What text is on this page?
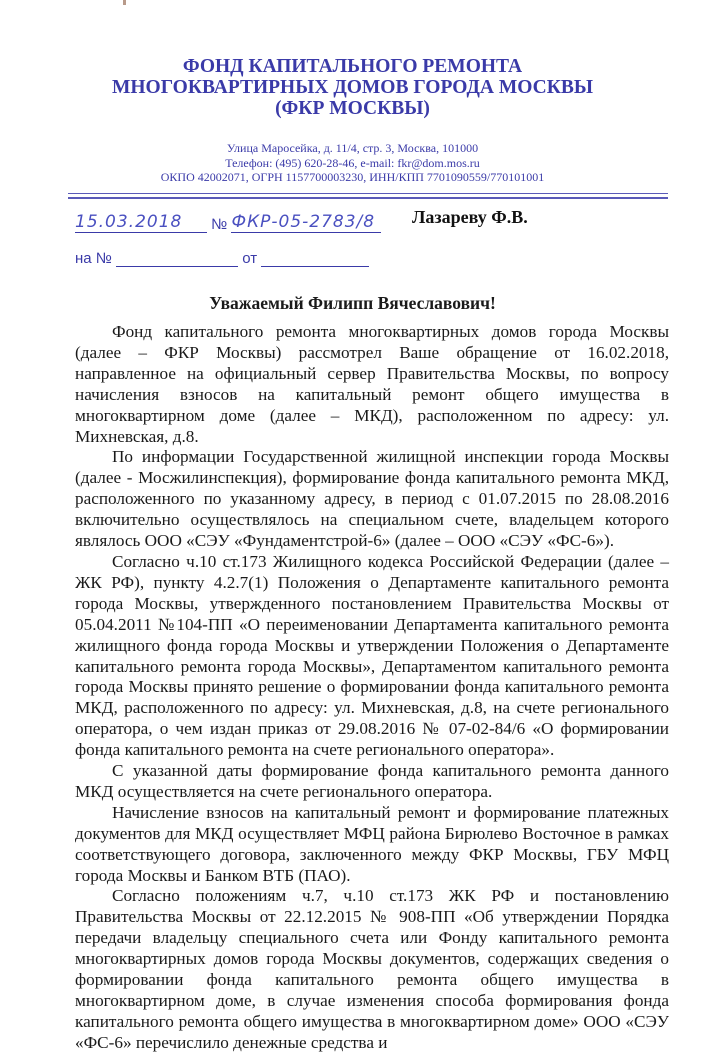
ФОНД КАПИТАЛЬНОГО РЕМОНТА
МНОГОКВАРТИРНЫХ ДОМОВ ГОРОДА МОСКВЫ
(ФКР МОСКВЫ)
Улица Маросейка, д. 11/4, стр. 3, Москва, 101000
Телефон: (495) 620-28-46, e-mail: fkr@dom.mos.ru
ОКПО 42002071, ОГРН 1157700003230, ИНН/КПП 7701090559/770101001
15.03.2018 № ФКР-05-2783/8	Лазареву Ф.В.
на №	от
Уважаемый Филипп Вячеславович!

Фонд капитального ремонта многоквартирных домов города Москвы (далее – ФКР Москвы) рассмотрел Ваше обращение от 16.02.2018, направленное на официальный сервер Правительства Москвы, по вопросу начисления взносов на капитальный ремонт общего имущества в многоквартирном доме (далее – МКД), расположенном по адресу: ул. Михневская, д.8.

По информации Государственной жилищной инспекции города Москвы (далее - Мосжилинспекция), формирование фонда капитального ремонта МКД, расположенного по указанному адресу, в период с 01.07.2015 по 28.08.2016 включительно осуществлялось на специальном счете, владельцем которого являлось ООО «СЭУ «Фундаментстрой-6» (далее – ООО «СЭУ «ФС-6»).

Согласно ч.10 ст.173 Жилищного кодекса Российской Федерации (далее – ЖК РФ), пункту 4.2.7(1) Положения о Департаменте капитального ремонта города Москвы, утвержденного постановлением Правительства Москвы от 05.04.2011 №104-ПП «О переименовании Департамента капитального ремонта жилищного фонда города Москвы и утверждении Положения о Департаменте капитального ремонта города Москвы», Департаментом капитального ремонта города Москвы принято решение о формировании фонда капитального ремонта МКД, расположенного по адресу: ул. Михневская, д.8, на счете регионального оператора, о чем издан приказ от 29.08.2016 № 07-02-84/6 «О формировании фонда капитального ремонта на счете регионального оператора».

С указанной даты формирование фонда капитального ремонта данного МКД осуществляется на счете регионального оператора.

Начисление взносов на капитальный ремонт и формирование платежных документов для МКД осуществляет МФЦ района Бирюлево Восточное в рамках соответствующего договора, заключенного между ФКР Москвы, ГБУ МФЦ города Москвы и Банком ВТБ (ПАО).

Согласно положениям ч.7, ч.10 ст.173 ЖК РФ и постановлению Правительства Москвы от 22.12.2015 № 908-ПП «Об утверждении Порядка передачи владельцу специального счета или Фонду капитального ремонта многоквартирных домов города Москвы документов, содержащих сведения о формировании фонда капитального ремонта общего имущества в многоквартирном доме, в случае изменения способа формирования фонда капитального ремонта общего имущества в многоквартирном доме» ООО «СЭУ «ФС-6» перечислило денежные средства и
